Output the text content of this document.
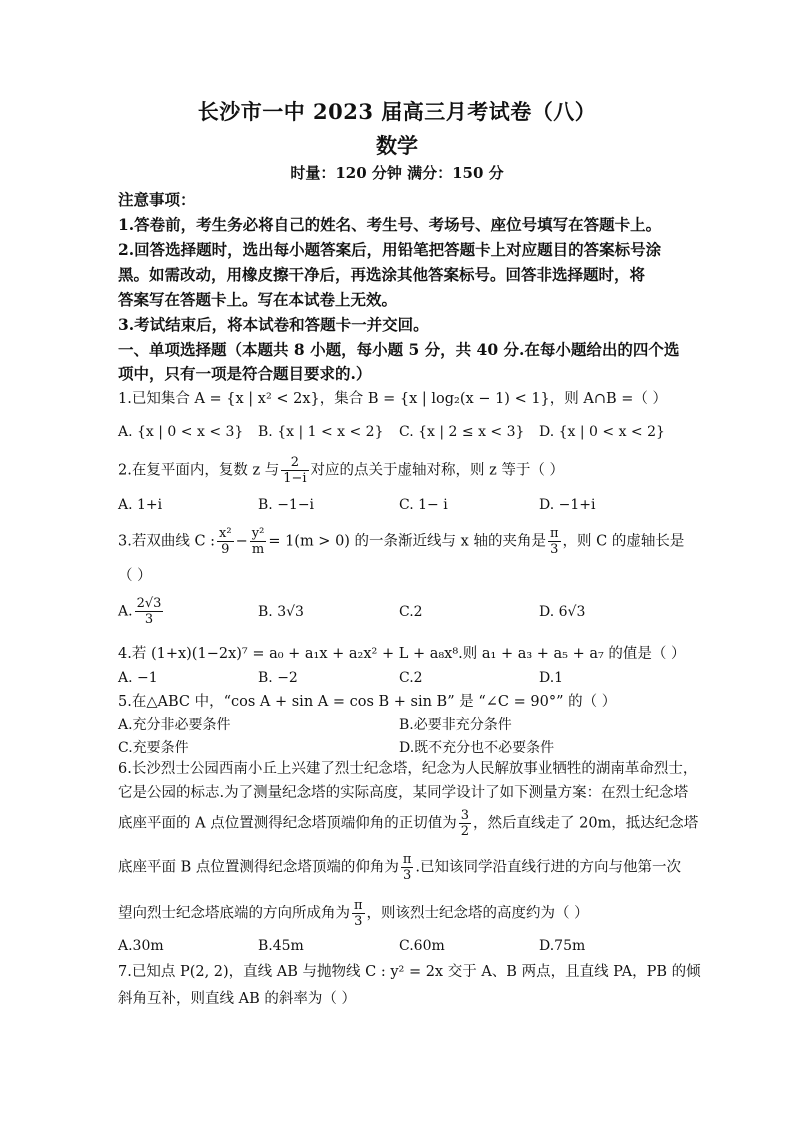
长沙市一中 2023 届高三月考试卷（八）
数学
时量：120 分钟 满分：150 分
注意事项：
1.答卷前，考生务必将自己的姓名、考生号、考场号、座位号填写在答题卡上。
2.回答选择题时，选出每小题答案后，用铅笔把答题卡上对应题目的答案标号涂
黑。如需改动，用橡皮擦干净后，再选涂其他答案标号。回答非选择题时，将
答案写在答题卡上。写在本试卷上无效。
3.考试结束后，将本试卷和答题卡一并交回。
一、单项选择题（本题共 8 小题，每小题 5 分，共 40 分.在每小题给出的四个选
项中，只有一项是符合题目要求的.）
1.已知集合 A = {x | x² < 2x}，集合 B = {x | log₂(x − 1) < 1}，则 A∩B =（ ）
A. {x | 0 < x < 3} B. {x | 1 < x < 2} C. {x | 2 ≤ x < 3} D. {x | 0 < x < 2}
2.在复平面内，复数 z 与 $\frac{2}{1-i}$ 对应的点关于虚轴对称，则 z 等于（ ）
A. 1+i	B. −1−i	C. 1− i	D. −1+i
3.若双曲线 C : $\frac{\text{x²}}{9} - \frac{\text{y²}}{m} = 1(m > 0)$ 的一条渐近线与 x 轴的夹角是 $\frac{\pi}{3}$ ，则 C 的虚轴长是
（ ）
A. $\frac{2√3}{3}$	B. 3√3	C.2	D. 6√3
4.若 (1+x)(1−2x)⁷ = a₀ + a₁x + a₂x² + L + a₈x⁸.则 a₁ + a₃ + a₅ + a₇ 的值是（ ）
A. −1	B. −2	C.2	D.1
5.在△ABC 中，“cos A + sin A = cos B + sin B” 是 “∠C = 90°” 的（ ）
A.充分非必要条件	B.必要非充分条件
C.充要条件	D.既不充分也不必要条件
6.长沙烈士公园西南小丘上兴建了烈士纪念塔，纪念为人民解放事业牺牲的湖南革命烈士，
它是公园的标志.为了测量纪念塔的实际高度，某同学设计了如下测量方案：在烈士纪念塔
底座平面的 A 点位置测得纪念塔顶端仰角的正切值为 $\frac{3}{2}$ ，然后直线走了 20m，抵达纪念塔
底座平面 B 点位置测得纪念塔顶端的仰角为 $\frac{\pi}{3}$ .已知该同学沿直线行进的方向与他第一次
望向烈士纪念塔底端的方向所成角为 $\frac{\pi}{3}$ ，则该烈士纪念塔的高度约为（ ）
A.30m	B.45m	C.60m	D.75m
7.已知点 P(2, 2)，直线 AB 与抛物线 C : y² = 2x 交于 A、B 两点，且直线 PA，PB 的倾
斜角互补，则直线 AB 的斜率为（ ）
